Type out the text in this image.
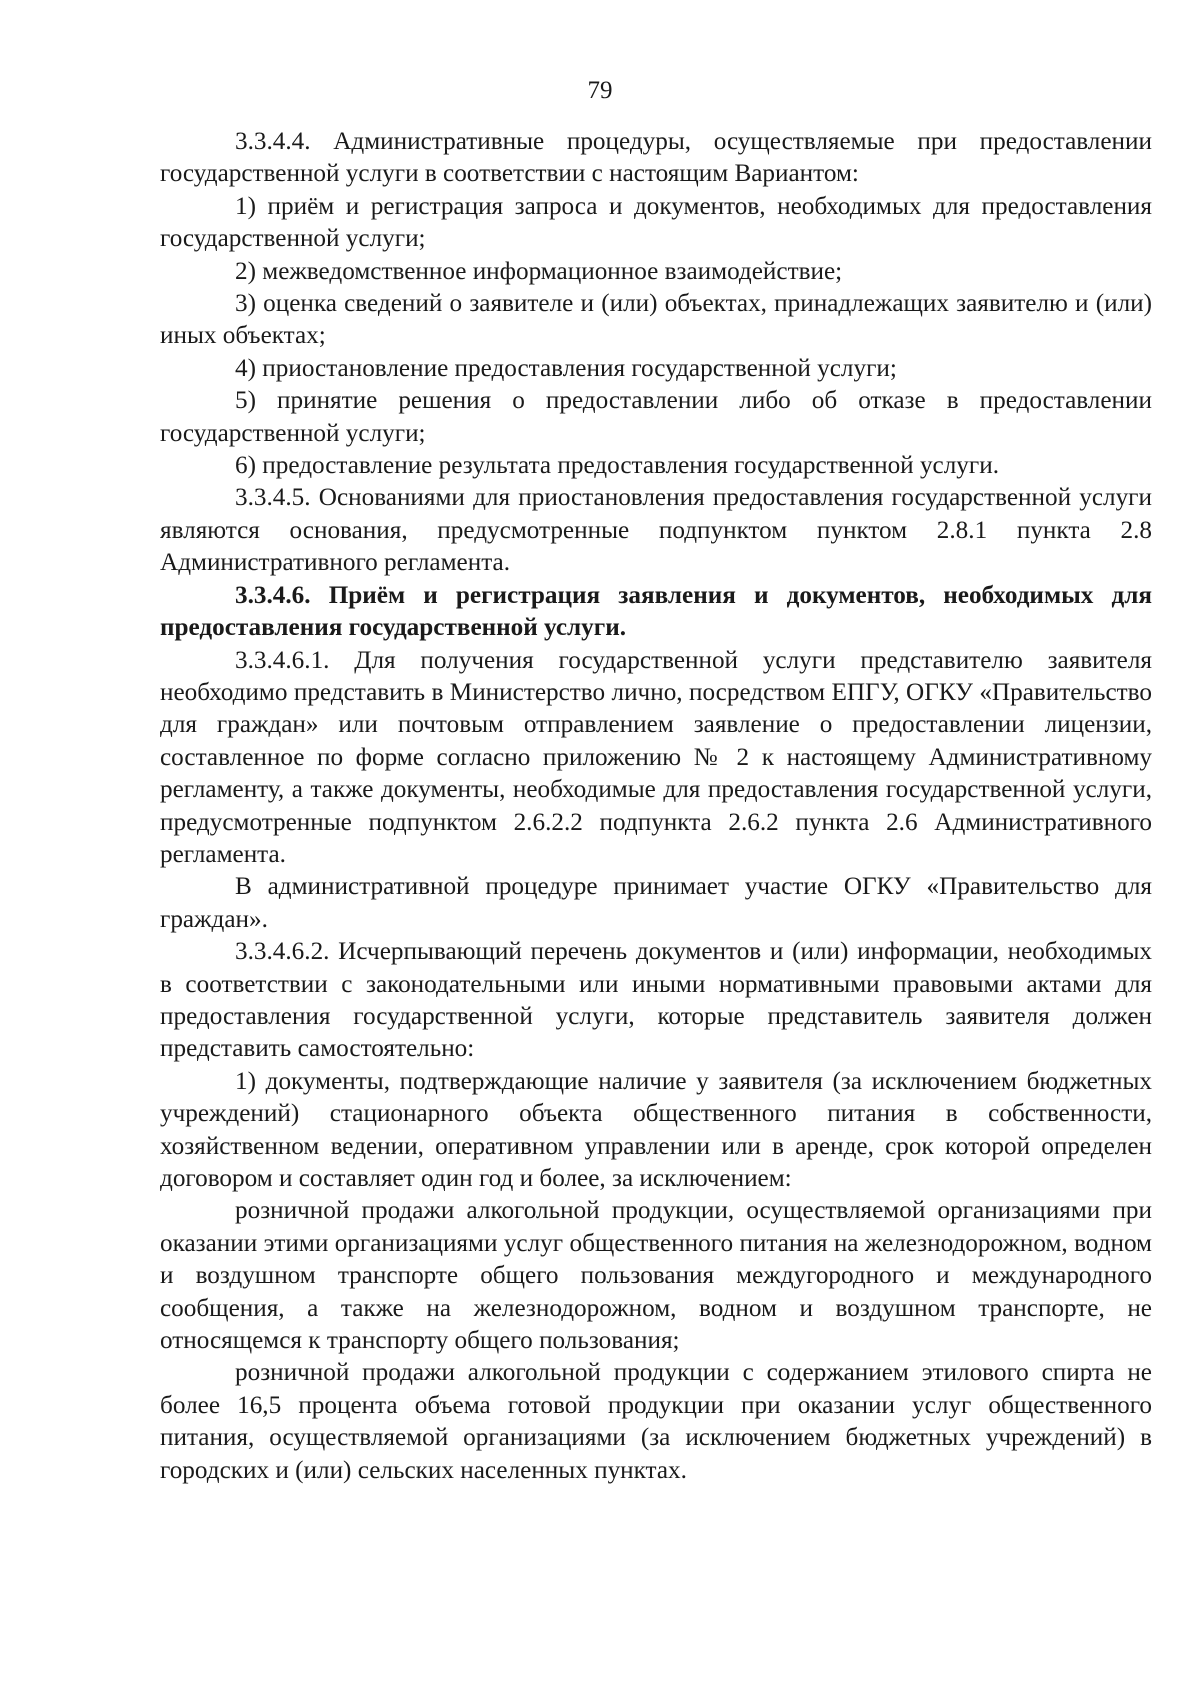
79

3.3.4.4. Административные процедуры, осуществляемые при предоставлении государственной услуги в соответствии с настоящим Вариантом:

1) приём и регистрация запроса и документов, необходимых для предоставления государственной услуги;

2) межведомственное информационное взаимодействие;

3) оценка сведений о заявителе и (или) объектах, принадлежащих заявителю и (или) иных объектах;

4) приостановление предоставления государственной услуги;

5) принятие решения о предоставлении либо об отказе в предоставлении государственной услуги;

6) предоставление результата предоставления государственной услуги.

3.3.4.5. Основаниями для приостановления предоставления государственной услуги являются основания, предусмотренные подпунктом пунктом 2.8.1 пункта 2.8 Административного регламента.

3.3.4.6. Приём и регистрация заявления и документов, необходимых для предоставления государственной услуги.

3.3.4.6.1. Для получения государственной услуги представителю заявителя необходимо представить в Министерство лично, посредством ЕПГУ, ОГКУ «Правительство для граждан» или почтовым отправлением заявление о предоставлении лицензии, составленное по форме согласно приложению № 2 к настоящему Административному регламенту, а также документы, необходимые для предоставления государственной услуги, предусмотренные подпунктом 2.6.2.2 подпункта 2.6.2 пункта 2.6 Административного регламента.

В административной процедуре принимает участие ОГКУ «Правительство для граждан».

3.3.4.6.2. Исчерпывающий перечень документов и (или) информации, необходимых в соответствии с законодательными или иными нормативными правовыми актами для предоставления государственной услуги, которые представитель заявителя должен представить самостоятельно:

1) документы, подтверждающие наличие у заявителя (за исключением бюджетных учреждений) стационарного объекта общественного питания в собственности, хозяйственном ведении, оперативном управлении или в аренде, срок которой определен договором и составляет один год и более, за исключением:

розничной продажи алкогольной продукции, осуществляемой организациями при оказании этими организациями услуг общественного питания на железнодорожном, водном и воздушном транспорте общего пользования междугородного и международного сообщения, а также на железнодорожном, водном и воздушном транспорте, не относящемся к транспорту общего пользования;

розничной продажи алкогольной продукции с содержанием этилового спирта не более 16,5 процента объема готовой продукции при оказании услуг общественного питания, осуществляемой организациями (за исключением бюджетных учреждений) в городских и (или) сельских населенных пунктах.
